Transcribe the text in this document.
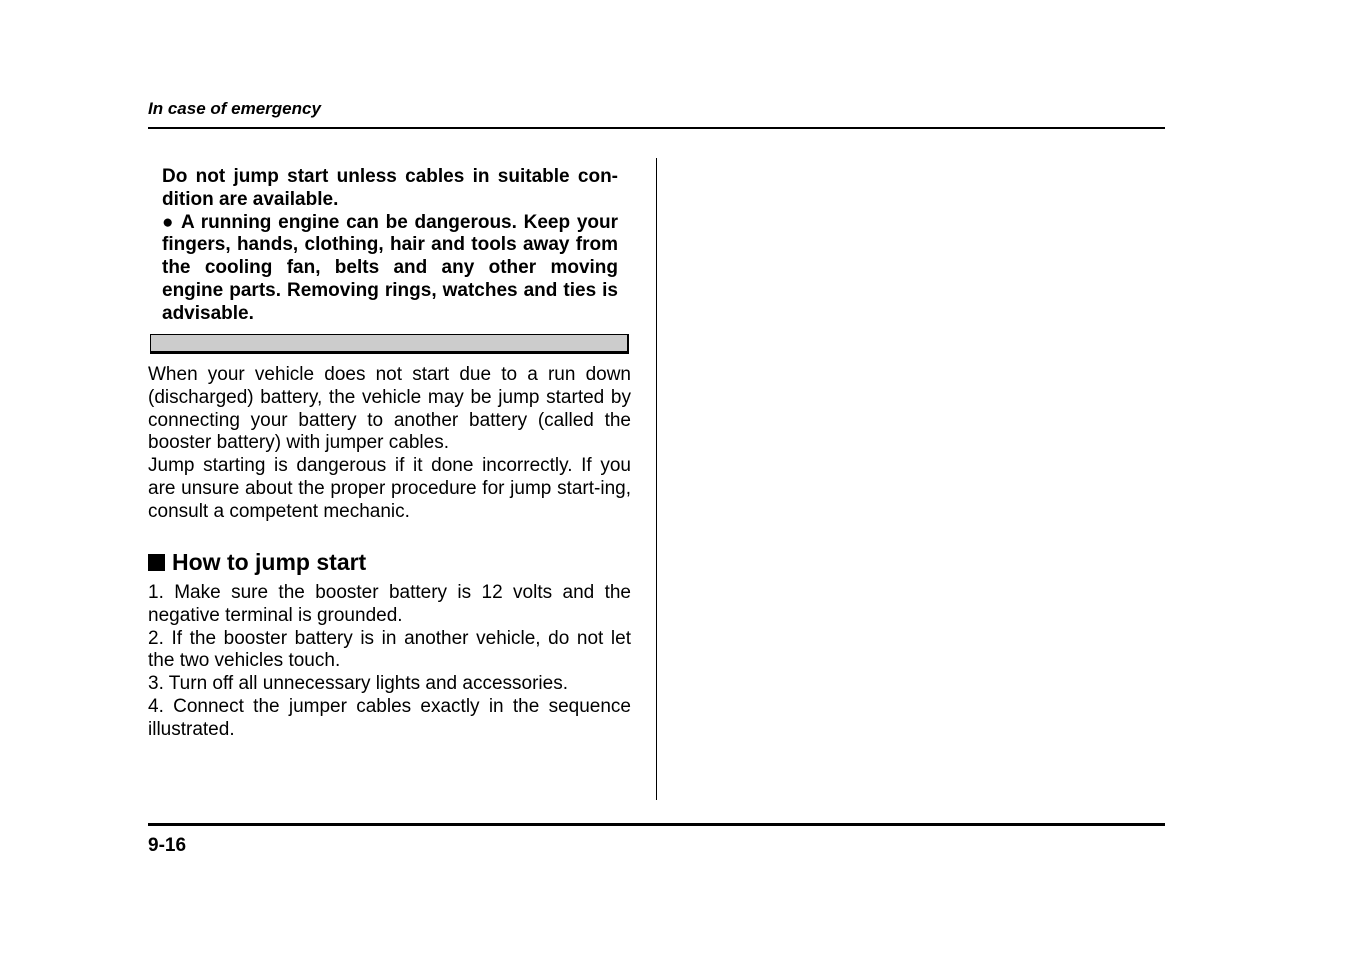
In case of emergency

Do not jump start unless cables in suitable con-dition are available.

● A running engine can be dangerous. Keep your fingers, hands, clothing, hair and tools away from the cooling fan, belts and any other moving engine parts. Removing rings, watches and ties is advisable.

When your vehicle does not start due to a run down (discharged) battery, the vehicle may be jump started by connecting your battery to another battery (called the booster battery) with jumper cables.

Jump starting is dangerous if it done incorrectly. If you are unsure about the proper procedure for jump start-ing, consult a competent mechanic.

How to jump start

1. Make sure the booster battery is 12 volts and the negative terminal is grounded.

2. If the booster battery is in another vehicle, do not let the two vehicles touch.

3. Turn off all unnecessary lights and accessories.

4. Connect the jumper cables exactly in the sequence illustrated.

9-16
